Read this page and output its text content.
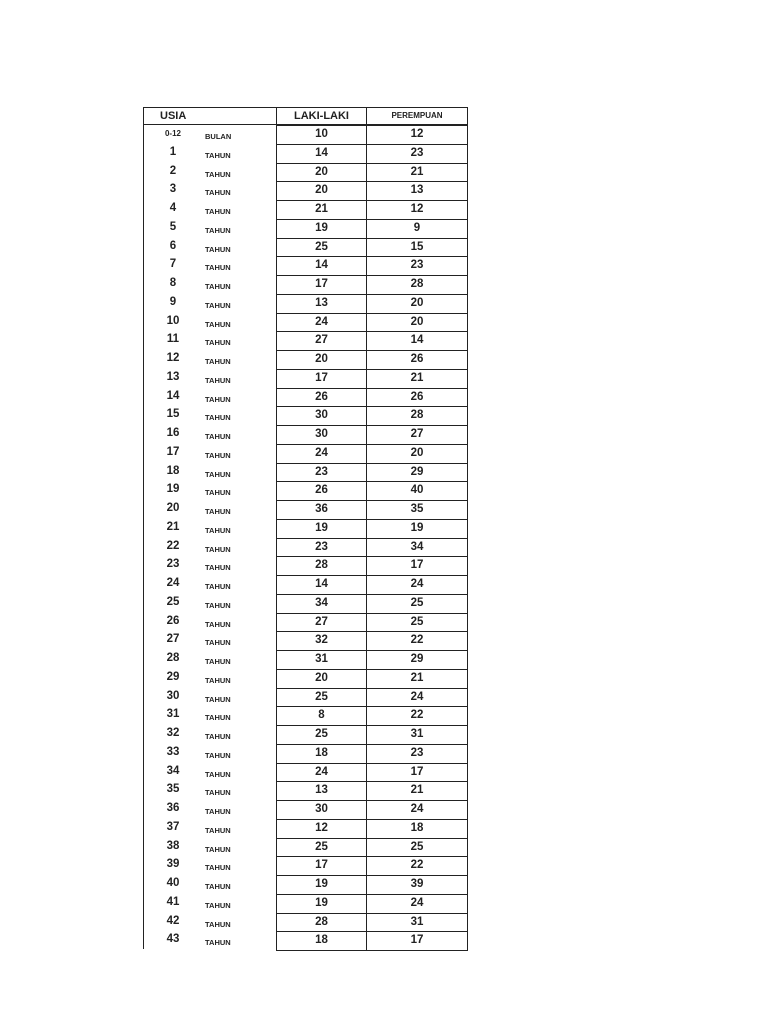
USIA	LAKI-LAKI	PEREMPUAN
0-12	BULAN	10	12
1	TAHUN	14	23
2	TAHUN	20	21
3	TAHUN	20	13
4	TAHUN	21	12
5	TAHUN	19	9
6	TAHUN	25	15
7	TAHUN	14	23
8	TAHUN	17	28
9	TAHUN	13	20
10	TAHUN	24	20
11	TAHUN	27	14
12	TAHUN	20	26
13	TAHUN	17	21
14	TAHUN	26	26
15	TAHUN	30	28
16	TAHUN	30	27
17	TAHUN	24	20
18	TAHUN	23	29
19	TAHUN	26	40
20	TAHUN	36	35
21	TAHUN	19	19
22	TAHUN	23	34
23	TAHUN	28	17
24	TAHUN	14	24
25	TAHUN	34	25
26	TAHUN	27	25
27	TAHUN	32	22
28	TAHUN	31	29
29	TAHUN	20	21
30	TAHUN	25	24
31	TAHUN	8	22
32	TAHUN	25	31
33	TAHUN	18	23
34	TAHUN	24	17
35	TAHUN	13	21
36	TAHUN	30	24
37	TAHUN	12	18
38	TAHUN	25	25
39	TAHUN	17	22
40	TAHUN	19	39
41	TAHUN	19	24
42	TAHUN	28	31
43	TAHUN	18	17
